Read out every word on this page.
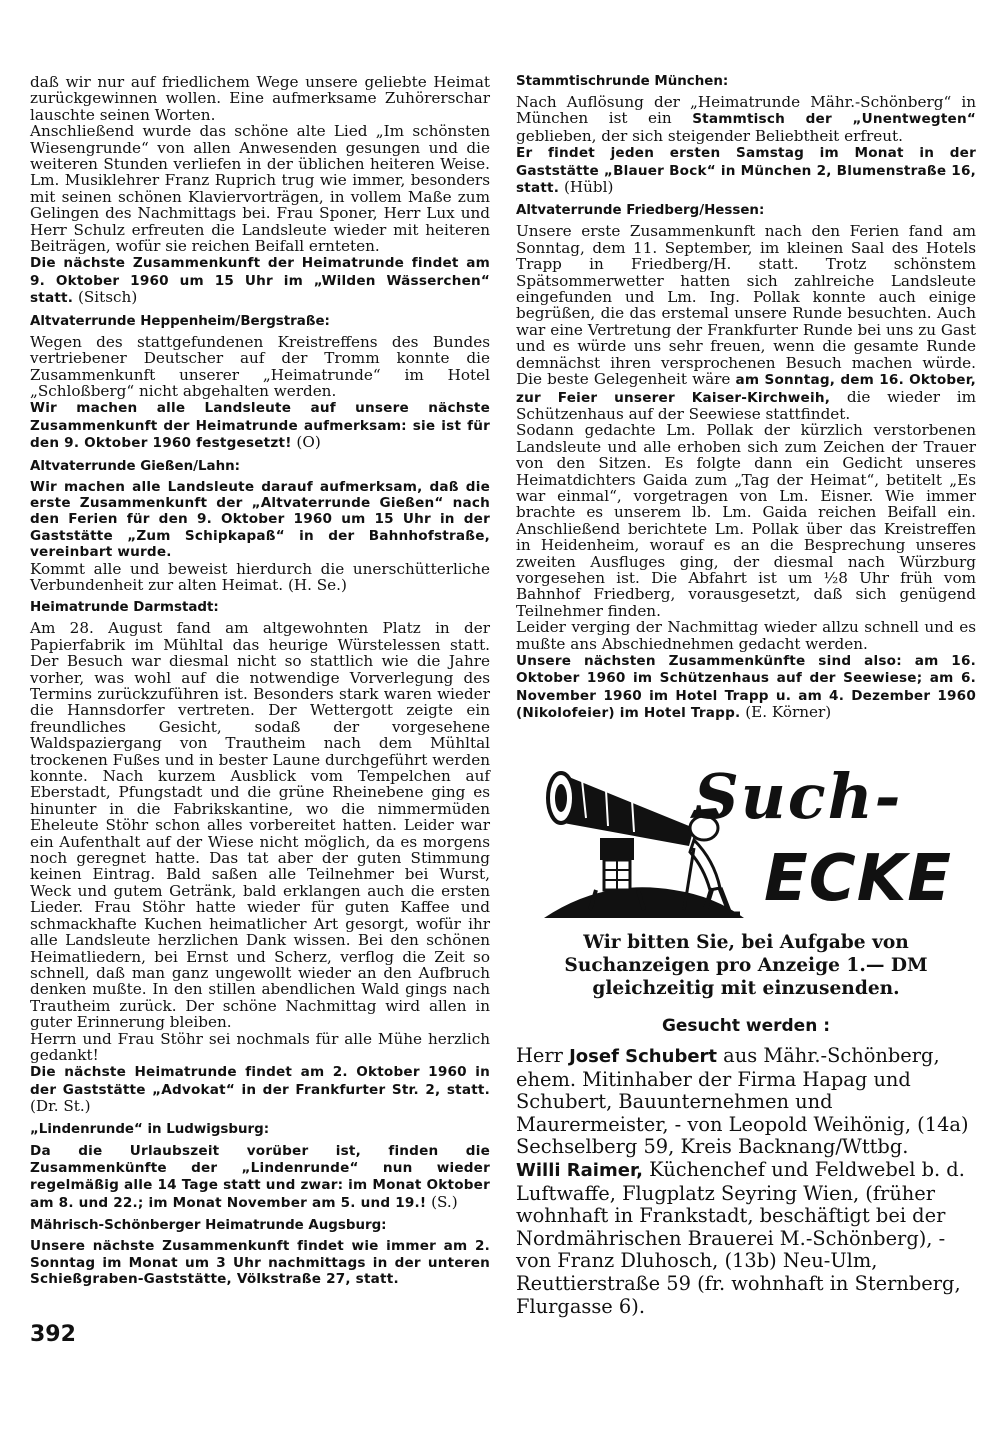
daß wir nur auf friedlichem Wege unsere geliebte Heimat zurückgewinnen wollen. Eine aufmerksame Zuhörerschar lauschte seinen Worten.

Anschließend wurde das schöne alte Lied „Im schönsten Wiesengrunde“ von allen Anwesenden gesungen und die weiteren Stunden verliefen in der üblichen heiteren Weise. Lm. Musiklehrer Franz Ruprich trug wie immer, besonders mit seinen schönen Klaviervorträgen, in vollem Maße zum Gelingen des Nachmittags bei. Frau Sponer, Herr Lux und Herr Schulz erfreuten die Landsleute wieder mit heiteren Beiträgen, wofür sie reichen Beifall ernteten.

Die nächste Zusammenkunft der Heimatrunde findet am 9. Oktober 1960 um 15 Uhr im „Wilden Wässerchen“ statt. (Sitsch)

Altvaterrunde Heppenheim/Bergstraße:

Wegen des stattgefundenen Kreistreffens des Bundes vertriebener Deutscher auf der Tromm konnte die Zusammenkunft unserer „Heimatrunde“ im Hotel „Schloßberg“ nicht abgehalten werden.

Wir machen alle Landsleute auf unsere nächste Zusammenkunft der Heimatrunde aufmerksam: sie ist für den 9. Oktober 1960 festgesetzt! (O)

Altvaterrunde Gießen/Lahn:

Wir machen alle Landsleute darauf aufmerksam, daß die erste Zusammenkunft der „Altvaterrunde Gießen“ nach den Ferien für den 9. Oktober 1960 um 15 Uhr in der Gaststätte „Zum Schipkapaß“ in der Bahnhofstraße, vereinbart wurde.

Kommt alle und beweist hierdurch die unerschütterliche Verbundenheit zur alten Heimat. (H. Se.)

Heimatrunde Darmstadt:

Am 28. August fand am altgewohnten Platz in der Papierfabrik im Mühltal das heurige Würstelessen statt. Der Besuch war diesmal nicht so stattlich wie die Jahre vorher, was wohl auf die notwendige Vorverlegung des Termins zurückzuführen ist. Besonders stark waren wieder die Hannsdorfer vertreten. Der Wettergott zeigte ein freundliches Gesicht, sodaß der vorgesehene Waldspaziergang von Trautheim nach dem Mühltal trockenen Fußes und in bester Laune durchgeführt werden konnte. Nach kurzem Ausblick vom Tempelchen auf Eberstadt, Pfungstadt und die grüne Rheinebene ging es hinunter in die Fabrikskantine, wo die nimmermüden Eheleute Stöhr schon alles vorbereitet hatten. Leider war ein Aufenthalt auf der Wiese nicht möglich, da es morgens noch geregnet hatte. Das tat aber der guten Stimmung keinen Eintrag. Bald saßen alle Teilnehmer bei Wurst, Weck und gutem Getränk, bald erklangen auch die ersten Lieder. Frau Stöhr hatte wieder für guten Kaffee und schmackhafte Kuchen heimatlicher Art gesorgt, wofür ihr alle Landsleute herzlichen Dank wissen. Bei den schönen Heimatliedern, bei Ernst und Scherz, verflog die Zeit so schnell, daß man ganz ungewollt wieder an den Aufbruch denken mußte. In den stillen abendlichen Wald gings nach Trautheim zurück. Der schöne Nachmittag wird allen in guter Erinnerung bleiben.

Herrn und Frau Stöhr sei nochmals für alle Mühe herzlich gedankt!

Die nächste Heimatrunde findet am 2. Oktober 1960 in der Gaststätte „Advokat“ in der Frankfurter Str. 2, statt. (Dr. St.)

„Lindenrunde“ in Ludwigsburg:

Da die Urlaubszeit vorüber ist, finden die Zusammenkünfte der „Lindenrunde“ nun wieder regelmäßig alle 14 Tage statt und zwar: im Monat Oktober am 8. und 22.; im Monat November am 5. und 19.! (S.)

Mährisch-Schönberger Heimatrunde Augsburg:

Unsere nächste Zusammenkunft findet wie immer am 2. Sonntag im Monat um 3 Uhr nachmittags in der unteren Schießgraben-Gaststätte, Völkstraße 27, statt.

392
Stammtischrunde München:

Nach Auflösung der „Heimatrunde Mähr.-Schönberg“ in München ist ein Stammtisch der „Unentwegten“ geblieben, der sich steigender Beliebtheit erfreut.

Er findet jeden ersten Samstag im Monat in der Gaststätte „Blauer Bock“ in München 2, Blumenstraße 16, statt. (Hübl)

Altvaterrunde Friedberg/Hessen:

Unsere erste Zusammenkunft nach den Ferien fand am Sonntag, dem 11. September, im kleinen Saal des Hotels Trapp in Friedberg/H. statt. Trotz schönstem Spätsommerwetter hatten sich zahlreiche Landsleute eingefunden und Lm. Ing. Pollak konnte auch einige begrüßen, die das erstemal unsere Runde besuchten. Auch war eine Vertretung der Frankfurter Runde bei uns zu Gast und es würde uns sehr freuen, wenn die gesamte Runde demnächst ihren versprochenen Besuch machen würde. Die beste Gelegenheit wäre am Sonntag, dem 16. Oktober, zur Feier unserer Kaiser-Kirchweih, die wieder im Schützenhaus auf der Seewiese stattfindet.

Sodann gedachte Lm. Pollak der kürzlich verstorbenen Landsleute und alle erhoben sich zum Zeichen der Trauer von den Sitzen. Es folgte dann ein Gedicht unseres Heimatdichters Gaida zum „Tag der Heimat“, betitelt „Es war einmal“, vorgetragen von Lm. Eisner. Wie immer brachte es unserem lb. Lm. Gaida reichen Beifall ein. Anschließend berichtete Lm. Pollak über das Kreistreffen in Heidenheim, worauf es an die Besprechung unseres zweiten Ausfluges ging, der diesmal nach Würzburg vorgesehen ist. Die Abfahrt ist um ½8 Uhr früh vom Bahnhof Friedberg, vorausgesetzt, daß sich genügend Teilnehmer finden.

Leider verging der Nachmittag wieder allzu schnell und es mußte ans Abschiednehmen gedacht werden.

Unsere nächsten Zusammenkünfte sind also: am 16. Oktober 1960 im Schützenhaus auf der Seewiese; am 6. November 1960 im Hotel Trapp u. am 4. Dezember 1960 (Nikolofeier) im Hotel Trapp. (E. Körner)

Such-
ECKE
Wir bitten Sie, bei Aufgabe von Suchanzeigen pro Anzeige 1.— DM gleichzeitig mit einzusenden.
Gesucht werden :

Herr Josef Schubert aus Mähr.-Schönberg, ehem. Mitinhaber der Firma Hapag und Schubert, Bauunternehmen und Maurermeister, - von Leopold Weihönig, (14a) Sechselberg 59, Kreis Backnang/Wttbg.

Willi Raimer, Küchenchef und Feldwebel b. d. Luftwaffe, Flugplatz Seyring Wien, (früher wohnhaft in Frankstadt, beschäftigt bei der Nordmährischen Brauerei M.-Schönberg), - von Franz Dluhosch, (13b) Neu-Ulm, Reuttierstraße 59 (fr. wohnhaft in Sternberg, Flurgasse 6).
